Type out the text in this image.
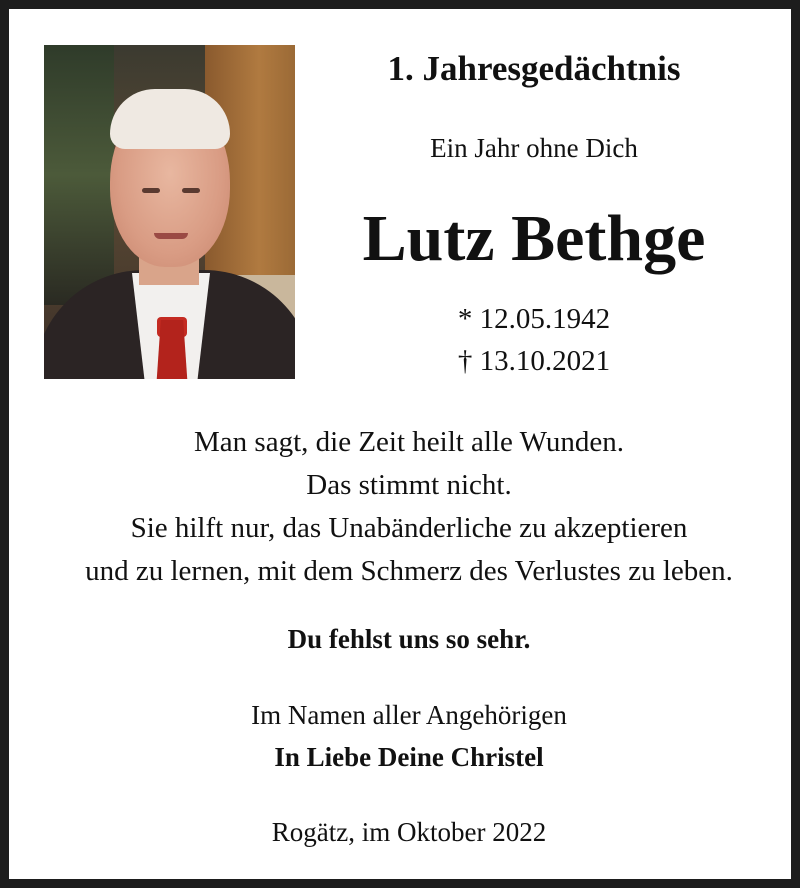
1. Jahresgedächtnis
Ein Jahr ohne Dich
Lutz Bethge
* 12.05.1942
† 13.10.2021
Man sagt, die Zeit heilt alle Wunden.
Das stimmt nicht.
Sie hilft nur, das Unabänderliche zu akzeptieren
und zu lernen, mit dem Schmerz des Verlustes zu leben.
Du fehlst uns so sehr.
Im Namen aller Angehörigen
In Liebe Deine Christel
Rogätz, im Oktober 2022
